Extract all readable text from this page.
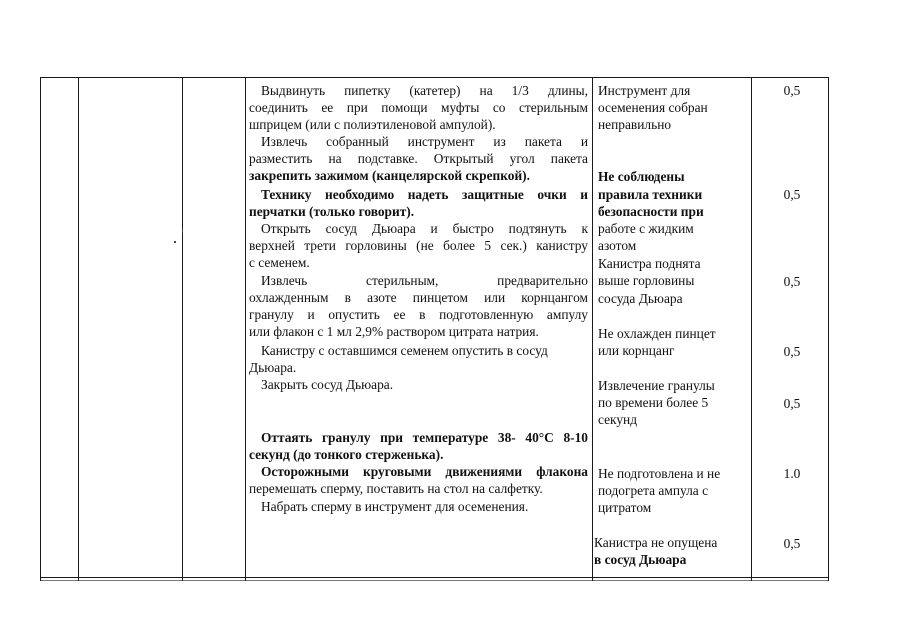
Выдвинуть пипетку (катетер) на 1/3 длины,
соединить ее при помощи муфты со стерильным
шприцем (или с полиэтиленовой ампулой).
Извлечь собранный инструмент из пакета и
разместить на подставке. Открытый угол пакета
закрепить зажимом (канцелярской скрепкой).
Технику необходимо надеть защитные очки и
перчатки (только говорит).
Открыть сосуд Дьюара и быстро подтянуть к
верхней трети горловины (не более 5 сек.) канистру
с семенем.
Извлечь стерильным, предварительно
охлажденным в азоте пинцетом или корнцангом
гранулу и опустить ее в подготовленную ампулу
или флакон с 1 мл 2,9% раствором цитрата натрия.
Канистру с оставшимся семенем опустить в сосуд
Дьюара.
Закрыть сосуд Дьюара.
Оттаять гранулу при температуре 38- 40°С 8-10
секунд (до тонкого стерженька).
Осторожными круговыми движениями флакона
перемешать сперму, поставить на стол на салфетку.
Набрать сперму в инструмент для осеменения.
Инструмент для
осеменения собран
неправильно
Не соблюдены
правила техники
безопасности при
работе с жидким
азотом
Канистра поднята
выше горловины
сосуда Дьюара
Не охлажден пинцет
или корнцанг
Извлечение гранулы
по времени более 5
секунд
Не подготовлена и не
подогрета ампула с
цитратом
Канистра не опущена
в сосуд Дьюара
0,5
0,5
0,5
0,5
0,5
1.0
0,5
